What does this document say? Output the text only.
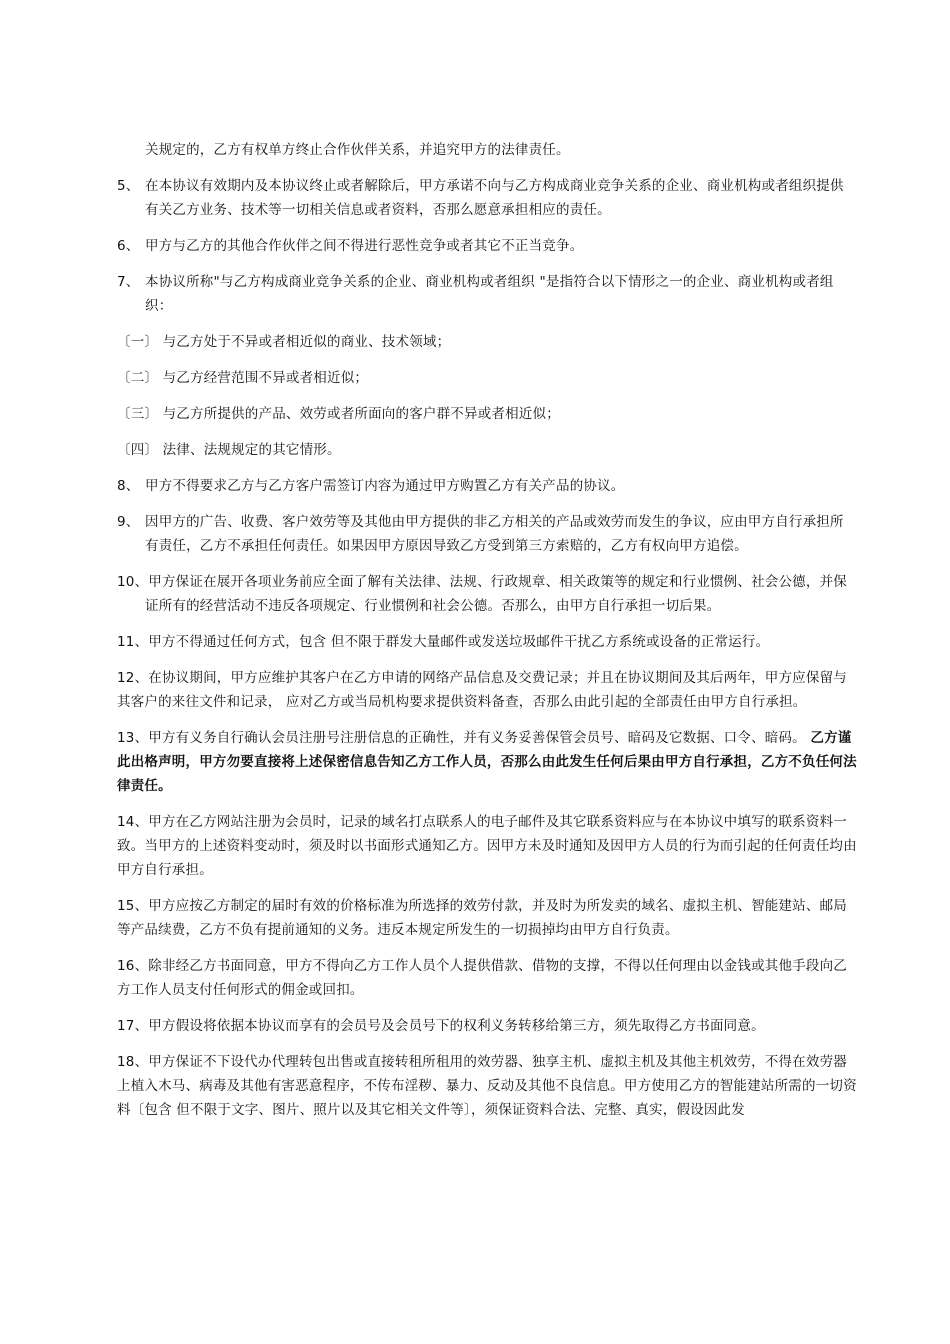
关规定的，乙方有权单方终止合作伙伴关系，并追究甲方的法律责任。

5、 在本协议有效期内及本协议终止或者解除后，甲方承诺不向与乙方构成商业竞争关系的企业、商业机构或者组织提供有关乙方业务、技术等一切相关信息或者资料，否那么愿意承担相应的责任。

6、 甲方与乙方的其他合作伙伴之间不得进行恶性竞争或者其它不正当竞争。

7、 本协议所称"与乙方构成商业竞争关系的企业、商业机构或者组织 "是指符合以下情形之一的企业、商业机构或者组织：

〔一〕 与乙方处于不异或者相近似的商业、技术领域；

〔二〕 与乙方经营范围不异或者相近似；

〔三〕 与乙方所提供的产品、效劳或者所面向的客户群不异或者相近似；

〔四〕 法律、法规规定的其它情形。

8、 甲方不得要求乙方与乙方客户需签订内容为通过甲方购置乙方有关产品的协议。

9、 因甲方的广告、收费、客户效劳等及其他由甲方提供的非乙方相关的产品或效劳而发生的争议，应由甲方自行承担所有责任，乙方不承担任何责任。如果因甲方原因导致乙方受到第三方索赔的，乙方有权向甲方追偿。

10、甲方保证在展开各项业务前应全面了解有关法律、法规、行政规章、相关政策等的规定和行业惯例、社会公德，并保证所有的经营活动不违反各项规定、行业惯例和社会公德。否那么，由甲方自行承担一切后果。

11、甲方不得通过任何方式，包含 但不限于群发大量邮件或发送垃圾邮件干扰乙方系统或设备的正常运行。

12、在协议期间，甲方应维护其客户在乙方申请的网络产品信息及交费记录；并且在协议期间及其后两年，甲方应保留与其客户的来往文件和记录， 应对乙方或当局机构要求提供资料备查，否那么由此引起的全部责任由甲方自行承担。

13、甲方有义务自行确认会员注册号注册信息的正确性，并有义务妥善保管会员号、暗码及它数据、口令、暗码。 乙方谨此出格声明，甲方勿要直接将上述保密信息告知乙方工作人员，否那么由此发生任何后果由甲方自行承担，乙方不负任何法律责任。

14、甲方在乙方网站注册为会员时，记录的域名打点联系人的电子邮件及其它联系资料应与在本协议中填写的联系资料一致。当甲方的上述资料变动时，须及时以书面形式通知乙方。因甲方未及时通知及因甲方人员的行为而引起的任何责任均由甲方自行承担。

15、甲方应按乙方制定的届时有效的价格标准为所选择的效劳付款，并及时为所发卖的域名、虚拟主机、智能建站、邮局等产品续费，乙方不负有提前通知的义务。违反本规定所发生的一切损掉均由甲方自行负责。

16、除非经乙方书面同意，甲方不得向乙方工作人员个人提供借款、借物的支撑，不得以任何理由以金钱或其他手段向乙方工作人员支付任何形式的佣金或回扣。

17、甲方假设将依据本协议而享有的会员号及会员号下的权利义务转移给第三方，须先取得乙方书面同意。

18、甲方保证不下设代办代理转包出售或直接转租所租用的效劳器、独享主机、虚拟主机及其他主机效劳，不得在效劳器上植入木马、病毒及其他有害恶意程序，不传布淫秽、暴力、反动及其他不良信息。甲方使用乙方的智能建站所需的一切资料〔包含 但不限于文字、图片、照片以及其它相关文件等〕，须保证资料合法、完整、真实，假设因此发
